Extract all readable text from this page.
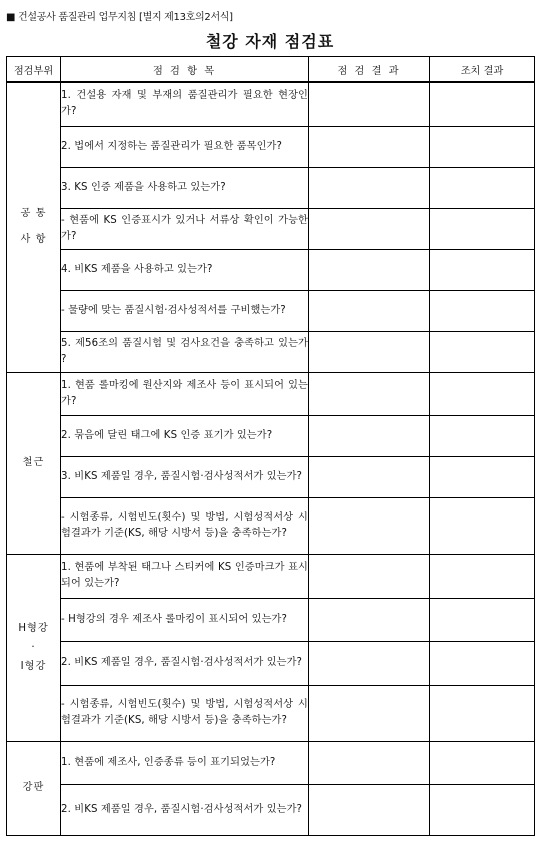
■ 건설공사 품질관리 업무지침 [별지 제13호의2서식]
철강 자재 점검표
점검부위	점 검 항 목	점 검 결 과	조치 결과

공 통
사 항	1. 건설용 자재 및 부재의 품질관리가 필요한 현장인가?		
	2. 법에서 지정하는 품질관리가 필요한 품목인가?		
	3. KS 인증 제품을 사용하고 있는가?		
	- 현품에 KS 인증표시가 있거나 서류상 확인이 가능한가?		
	4. 비KS 제품을 사용하고 있는가?		
	- 물량에 맞는 품질시험·검사성적서를 구비했는가?		
	5. 제56조의 품질시험 및 검사요건을 충족하고 있는가 ?		

철근	1. 현품 롤마킹에 원산지와 제조사 등이 표시되어 있는가?		
	2. 묶음에 달린 태그에 KS 인증 표기가 있는가?		
	3. 비KS 제품일 경우, 품질시험·검사성적서가 있는가?		
	- 시험종류, 시험빈도(횟수) 및 방법, 시험성적서상 시험결과가 기준(KS, 해당 시방서 등)을 충족하는가?		

H형강
·
I형강	1. 현품에 부착된 태그나 스티커에 KS 인증마크가 표시되어 있는가?		
	- H형강의 경우 제조사 롤마킹이 표시되어 있는가?		
	2. 비KS 제품일 경우, 품질시험·검사성적서가 있는가?		
	- 시험종류, 시험빈도(횟수) 및 방법, 시험성적서상 시험결과가 기준(KS, 해당 시방서 등)을 충족하는가?		

강판	1. 현품에 제조사, 인증종류 등이 표기되었는가?		
	2. 비KS 제품일 경우, 품질시험·검사성적서가 있는가?		
